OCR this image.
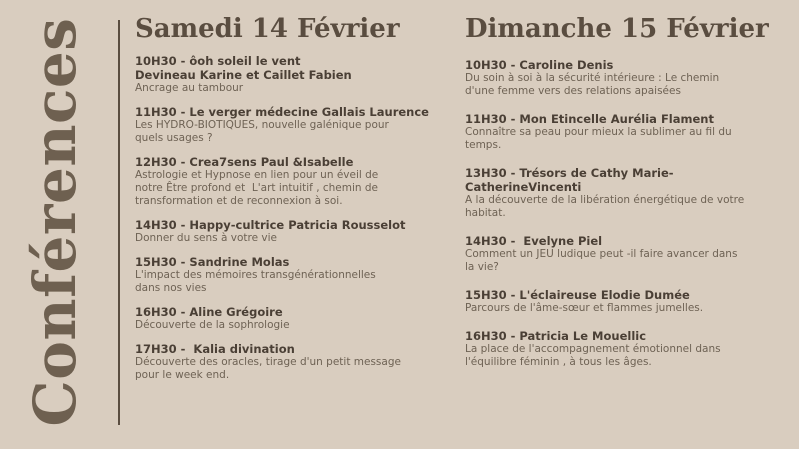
Conférences Samedi 14 Février
10H30 - ôoh soleil le vent
Devineau Karine et Caillet Fabien
Ancrage au tambour
11H30 - Le verger médecine Gallais Laurence
Les HYDRO-BIOTIQUES, nouvelle galénique pour
quels usages ?
12H30 - Crea7sens Paul &Isabelle
Astrologie et Hypnose en lien pour un éveil de
notre Être profond et  L'art intuitif , chemin de
transformation et de reconnexion à soi.
14H30 - Happy-cultrice Patricia Rousselot
Donner du sens à votre vie
15H30 - Sandrine Molas
L'impact des mémoires transgénérationnelles
dans nos vies
16H30 - Aline Grégoire
Découverte de la sophrologie
17H30 -  Kalia divination
Découverte des oracles, tirage d'un petit message
pour le week end.
Dimanche 15 Février
10H30 - Caroline Denis
Du soin à soi à la sécurité intérieure : Le chemin
d'une femme vers des relations apaisées
11H30 - Mon Etincelle Aurélia Flament
Connaître sa peau pour mieux la sublimer au fil du
temps.
13H30 - Trésors de Cathy Marie-CatherineVincenti
A la découverte de la libération énergétique de votre
habitat.
14H30 -  Evelyne Piel
Comment un JEU ludique peut -il faire avancer dans
la vie?
15H30 - L'éclaireuse Elodie Dumée
Parcours de l'âme-sœur et flammes jumelles.
16H30 - Patricia Le Mouellic
La place de l'accompagnement émotionnel dans
l'équilibre féminin , à tous les âges.
